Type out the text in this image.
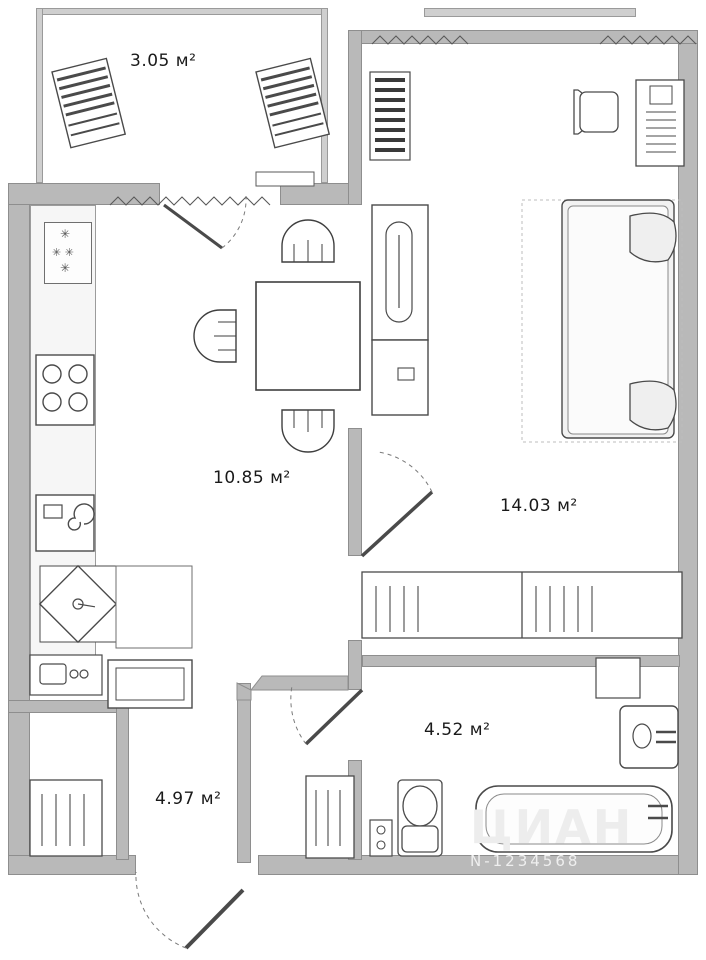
✳
✳ ✳
✳
ЦИАН
N-1234568
3.05 м²
10.85 м²
14.03 м²
4.52 м²
4.97 м²
